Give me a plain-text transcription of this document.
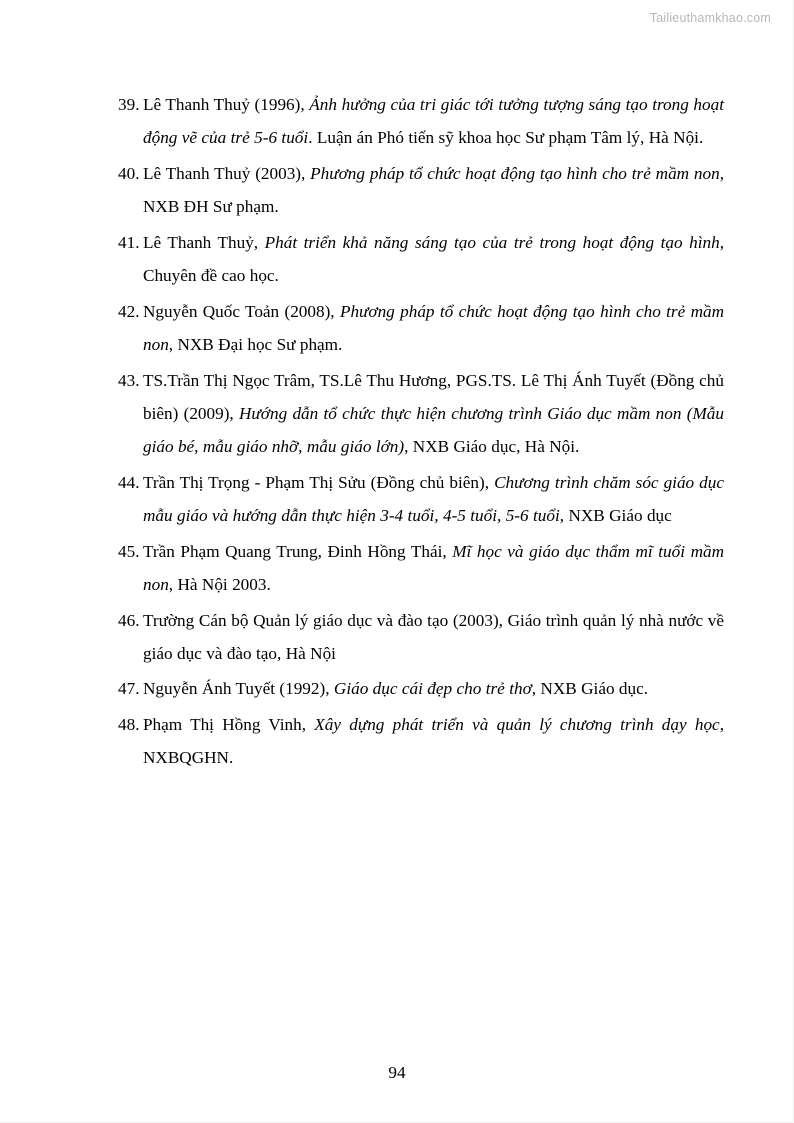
Tailieuthamkhao.com
39. Lê Thanh Thuỷ (1996), Ảnh hưởng của tri giác tới tưởng tượng sáng tạo trong hoạt động vẽ của trẻ 5-6 tuổi. Luận án Phó tiến sỹ khoa học Sư phạm Tâm lý, Hà Nội.
40. Lê Thanh Thuỷ (2003), Phương pháp tổ chức hoạt động tạo hình cho trẻ mầm non, NXB ĐH Sư phạm.
41. Lê Thanh Thuỷ, Phát triển khả năng sáng tạo của trẻ trong hoạt động tạo hình, Chuyên đề cao học.
42. Nguyễn Quốc Toản (2008), Phương pháp tổ chức hoạt động tạo hình cho trẻ mầm non, NXB Đại học Sư phạm.
43. TS.Trần Thị Ngọc Trâm, TS.Lê Thu Hương, PGS.TS. Lê Thị Ánh Tuyết (Đồng chủ biên) (2009), Hướng dẫn tổ chức thực hiện chương trình Giáo dục mầm non (Mẫu giáo bé, mẫu giáo nhỡ, mẫu giáo lớn), NXB Giáo dục, Hà Nội.
44. Trần Thị Trọng - Phạm Thị Sửu (Đồng chủ biên), Chương trình chăm sóc giáo dục mẫu giáo và hướng dẫn thực hiện 3-4 tuổi, 4-5 tuổi, 5-6 tuổi, NXB Giáo dục
45. Trần Phạm Quang Trung, Đinh Hồng Thái, Mĩ học và giáo dục thẩm mĩ tuổi mầm non, Hà Nội 2003.
46. Trường Cán bộ Quản lý giáo dục và đào tạo (2003), Giáo trình quản lý nhà nước về giáo dục và đào tạo, Hà Nội
47. Nguyễn Ánh Tuyết (1992), Giáo dục cái đẹp cho trẻ thơ, NXB Giáo dục.
48. Phạm Thị Hồng Vinh, Xây dựng phát triển và quản lý chương trình dạy học, NXBQGHN.
94
